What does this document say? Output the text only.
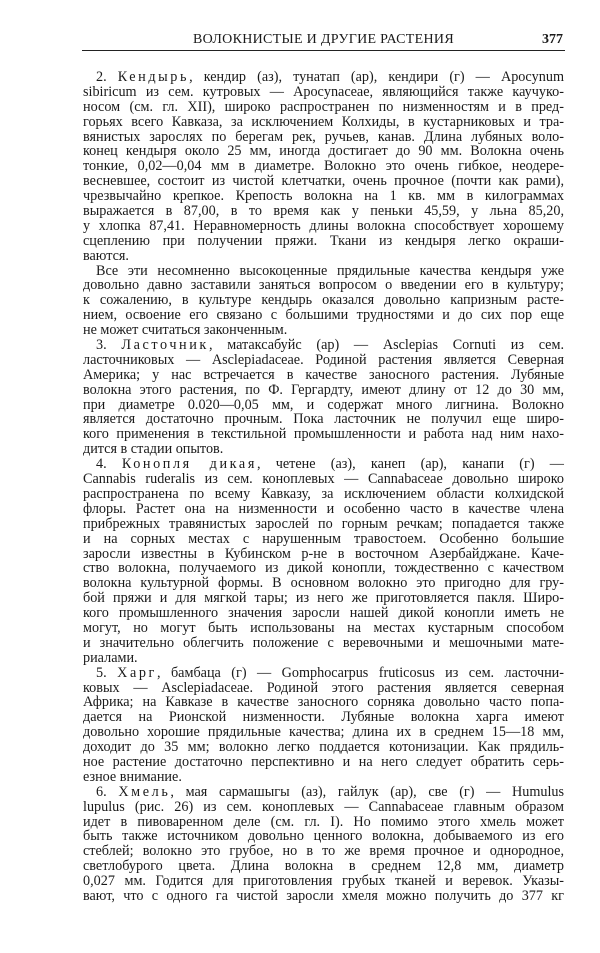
ВОЛОКНИСТЫЕ И ДРУГИЕ РАСТЕНИЯ	377
2. Кендырь, кендир (аз), тунатап (ар), кендири (г) — Apocynum
sibiricum из сем. кутровых — Apocynaceae, являющийся также каучуко-
носом (см. гл. XII), широко распространен по низменностям и в пред-
горьях всего Кавказа, за исключением Колхиды, в кустарниковых и тра-
вянистых зарослях по берегам рек, ручьев, канав. Длина лубяных воло-
конец кендыря около 25 мм, иногда достигает до 90 мм. Волокна очень
тонкие, 0,02—0,04 мм в диаметре. Волокно это очень гибкое, неодере-
весневшее, состоит из чистой клетчатки, очень прочное (почти как рами),
чрезвычайно крепкое. Крепость волокна на 1 кв. мм в килограммах
выражается в 87,00, в то время как у пеньки 45,59, у льна 85,20,
у хлопка 87,41. Неравномерность длины волокна способствует хорошему
сцеплению при получении пряжи. Ткани из кендыря легко окраши-
ваются.
Все эти несомненно высокоценные прядильные качества кендыря уже
довольно давно заставили заняться вопросом о введении его в культуру;
к сожалению, в культуре кендырь оказался довольно капризным расте-
нием, освоение его связано с большими трудностями и до сих пор еще
не может считаться законченным.
3. Ласточник, матаксабуйс (ар) — Asclepias Cornuti из сем.
ласточниковых — Asclepiadaceae. Родиной растения является Северная
Америка; у нас встречается в качестве заносного растения. Лубяные
волокна этого растения, по Ф. Гергардту, имеют длину от 12 до 30 мм,
при диаметре 0.020—0,05 мм, и содержат много лигнина. Волокно
является достаточно прочным. Пока ласточник не получил еще широ-
кого применения в текстильной промышленности и работа над ним нахо-
дится в стадии опытов.
4. Конопля дикая, четене (аз), канеп (ар), канапи (г) —
Cannabis ruderalis из сем. коноплевых — Cannabaceae довольно широко
распространена по всему Кавказу, за исключением области колхидской
флоры. Растет она на низменности и особенно часто в качестве члена
прибрежных травянистых зарослей по горным речкам; попадается также
и на сорных местах с нарушенным травостоем. Особенно большие
заросли известны в Кубинском р-не в восточном Азербайджане. Каче-
ство волокна, получаемого из дикой конопли, тождественно с качеством
волокна культурной формы. В основном волокно это пригодно для гру-
бой пряжи и для мягкой тары; из него же приготовляется пакля. Широ-
кого промышленного значения заросли нашей дикой конопли иметь не
могут, но могут быть использованы на местах кустарным способом
и значительно облегчить положение с веревочными и мешочными мате-
риалами.
5. Харг, бамбаца (г) — Gomphocarpus fruticosus из сем. ласточни-
ковых — Asclepiadaceae. Родиной этого растения является северная
Африка; на Кавказе в качестве заносного сорняка довольно часто попа-
дается на Рионской низменности. Лубяные волокна харга имеют
довольно хорошие прядильные качества; длина их в среднем 15—18 мм,
доходит до 35 мм; волокно легко поддается котонизации. Как прядиль-
ное растение достаточно перспективно и на него следует обратить серь-
езное внимание.
6. Хмель, мая сармашыгы (аз), гайлук (ар), све (г) — Humulus
lupulus (рис. 26) из сем. коноплевых — Cannabaceae главным образом
идет в пивоваренном деле (см. гл. I). Но помимо этого хмель может
быть также источником довольно ценного волокна, добываемого из его
стеблей; волокно это грубое, но в то же время прочное и однородное,
светлобурого цвета. Длина волокна в среднем 12,8 мм, диаметр
0,027 мм. Годится для приготовления грубых тканей и веревок. Указы-
вают, что с одного га чистой заросли хмеля можно получить до 377 кг
